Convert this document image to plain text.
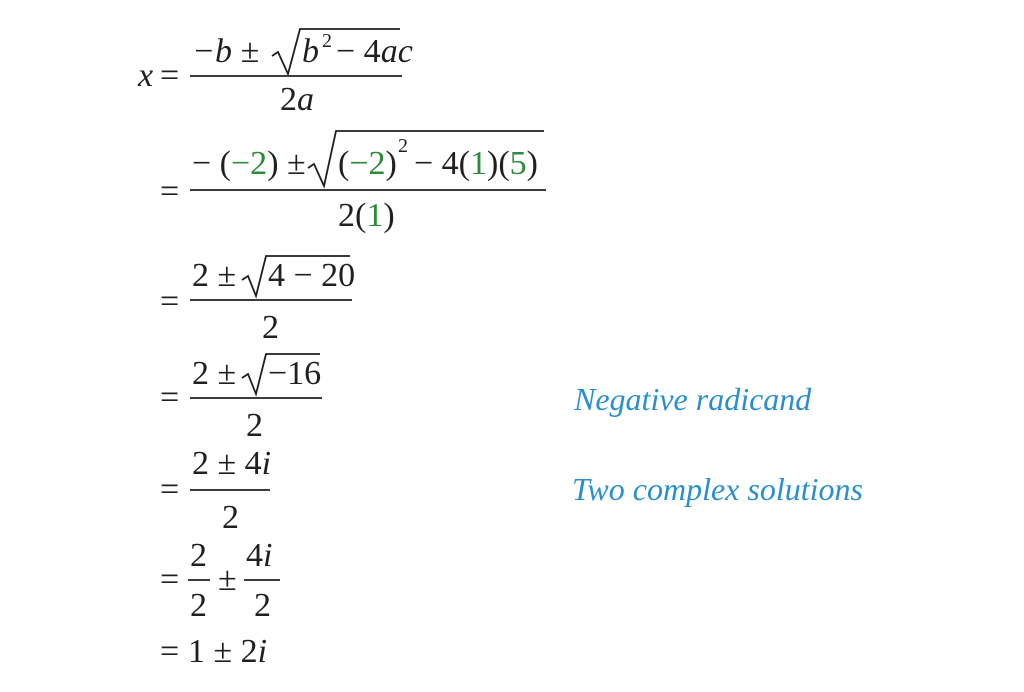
x =
−b ± b 2 − 4ac
2a
=
− (−2) ± (−2) 2 − 4(1)(5)
2(1)
=
2 ± 4 − 20
2
=
2 ± −16
2
Negative radicand
=
2 ± 4i
2
Two complex solutions
=
2
2
±
4i
2
= 1 ± 2i
